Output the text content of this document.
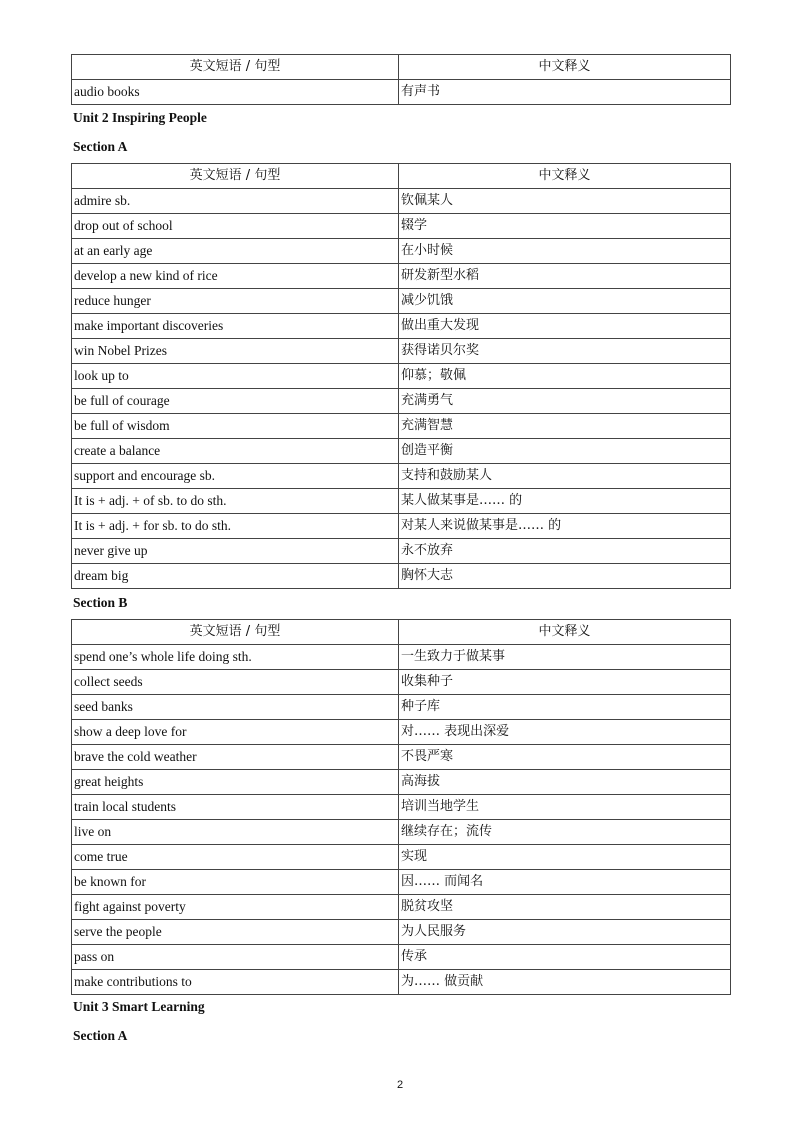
英文短语 / 句型	中文释义
audio books	有声书
Unit 2 Inspiring People
Section A
英文短语 / 句型	中文释义
admire sb.	钦佩某人
drop out of school	辍学
at an early age	在小时候
develop a new kind of rice	研发新型水稻
reduce hunger	减少饥饿
make important discoveries	做出重大发现
win Nobel Prizes	获得诺贝尔奖
look up to	仰慕；敬佩
be full of courage	充满勇气
be full of wisdom	充满智慧
create a balance	创造平衡
support and encourage sb.	支持和鼓励某人
It is + adj. + of sb. to do sth.	某人做某事是…… 的
It is + adj. + for sb. to do sth.	对某人来说做某事是…… 的
never give up	永不放弃
dream big	胸怀大志
Section B
英文短语 / 句型	中文释义
spend one’s whole life doing sth.	一生致力于做某事
collect seeds	收集种子
seed banks	种子库
show a deep love for	对…… 表现出深爱
brave the cold weather	不畏严寒
great heights	高海拔
train local students	培训当地学生
live on	继续存在；流传
come true	实现
be known for	因…… 而闻名
fight against poverty	脱贫攻坚
serve the people	为人民服务
pass on	传承
make contributions to	为…… 做贡献
Unit 3 Smart Learning
Section A
2
